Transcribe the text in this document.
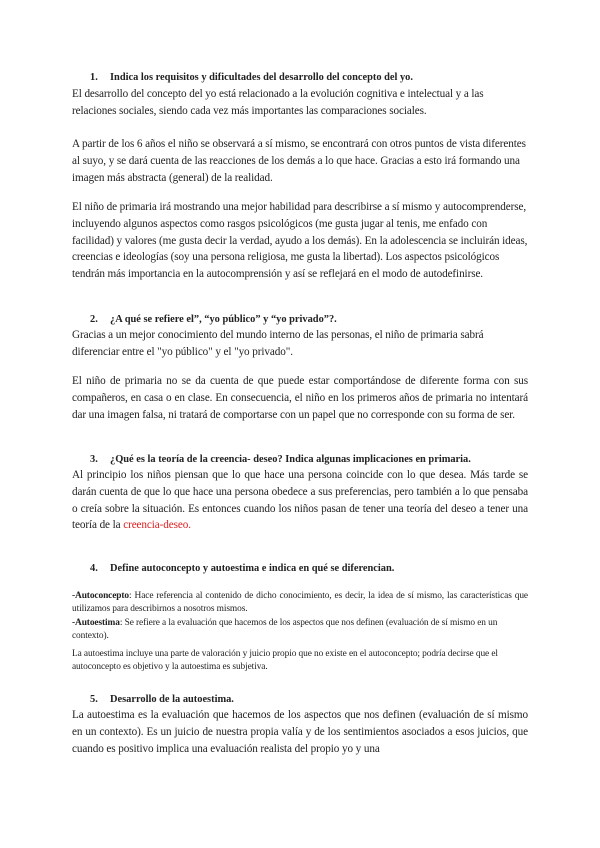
1. Indica los requisitos y dificultades del desarrollo del concepto del yo.

El desarrollo del concepto del yo está relacionado a la evolución cognitiva e intelectual y a las relaciones sociales, siendo cada vez más importantes las comparaciones sociales.

A partir de los 6 años el niño se observará a sí mismo, se encontrará con otros puntos de vista diferentes al suyo, y se dará cuenta de las reacciones de los demás a lo que hace. Gracias a esto irá formando una imagen más abstracta (general) de la realidad.

El niño de primaria irá mostrando una mejor habilidad para describirse a sí mismo y autocomprenderse, incluyendo algunos aspectos como rasgos psicológicos (me gusta jugar al tenis, me enfado con facilidad) y valores (me gusta decir la verdad, ayudo a los demás). En la adolescencia se incluirán ideas, creencias e ideologías (soy una persona religiosa, me gusta la libertad). Los aspectos psicológicos tendrán más importancia en la autocomprensión y así se reflejará en el modo de autodefinirse.

2. ¿A qué se refiere el”, “yo público” y “yo privado”?.

Gracias a un mejor conocimiento del mundo interno de las personas, el niño de primaria sabrá diferenciar entre el "yo público" y el "yo privado".

El niño de primaria no se da cuenta de que puede estar comportándose de diferente forma con sus compañeros, en casa o en clase. En consecuencia, el niño en los primeros años de primaria no intentará dar una imagen falsa, ni tratará de comportarse con un papel que no corresponde con su forma de ser.

3. ¿Qué es la teoría de la creencia- deseo? Indica algunas implicaciones en primaria.

Al principio los niños piensan que lo que hace una persona coincide con lo que desea. Más tarde se darán cuenta de que lo que hace una persona obedece a sus preferencias, pero también a lo que pensaba o creía sobre la situación. Es entonces cuando los niños pasan de tener una teoría del deseo a tener una teoría de la creencia-deseo.

4. Define autoconcepto y autoestima e indica en qué se diferencian.

-Autoconcepto: Hace referencia al contenido de dicho conocimiento, es decir, la idea de sí mismo, las características que utilizamos para describirnos a nosotros mismos.

-Autoestima: Se refiere a la evaluación que hacemos de los aspectos que nos definen (evaluación de sí mismo en un contexto).

La autoestima incluye una parte de valoración y juicio propio que no existe en el autoconcepto; podría decirse que el autoconcepto es objetivo y la autoestima es subjetiva.

5. Desarrollo de la autoestima.

La autoestima es la evaluación que hacemos de los aspectos que nos definen (evaluación de sí mismo en un contexto). Es un juicio de nuestra propia valía y de los sentimientos asociados a esos juicios, que cuando es positivo implica una evaluación realista del propio yo y una
